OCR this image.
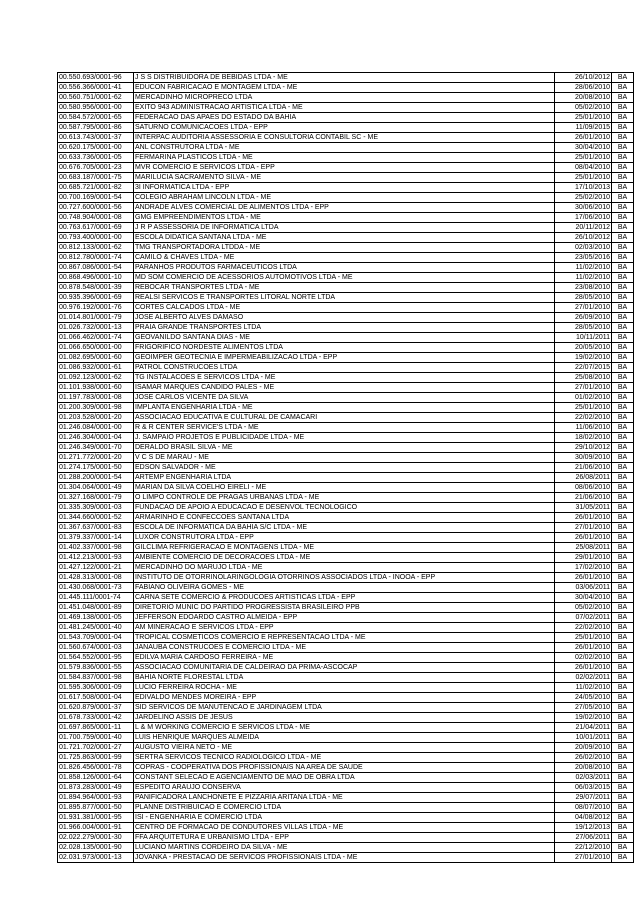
00.550.693/0001-96	J S S DISTRIBUIDORA DE BEBIDAS LTDA - ME	26/10/2012	BA
00.556.366/0001-41	EDUCON FABRICACAO E MONTAGEM LTDA - ME	28/06/2010	BA
00.560.751/0001-62	MERCADINHO MICROPRECO LTDA	20/08/2010	BA
00.580.956/0001-00	EXITO 943 ADMINISTRACAO ARTISTICA LTDA - ME	05/02/2010	BA
00.584.572/0001-65	FEDERACAO DAS APAES DO ESTADO DA BAHIA	25/01/2010	BA
00.587.795/0001-86	SATURNO COMUNICACOES LTDA - EPP	11/09/2015	BA
00.613.743/0001-37	INTERPAC AUDITORIA ASSESSORIA E CONSULTORIA CONTABIL SC - ME	26/01/2010	BA
00.620.175/0001-00	ANL CONSTRUTORA LTDA - ME	30/04/2010	BA
00.633.736/0001-05	FERMARINA PLASTICOS LTDA - ME	25/01/2010	BA
00.676.705/0001-23	MVR COMERCIO E SERVICOS LTDA - EPP	08/04/2010	BA
00.683.187/0001-75	MARILUCIA SACRAMENTO SILVA - ME	25/01/2010	BA
00.685.721/0001-82	3I INFORMATICA LTDA - EPP	17/10/2013	BA
00.700.169/0001-54	COLEGIO ABRAHAM LINCOLN LTDA - ME	25/02/2010	BA
00.727.600/0001-56	ANDRADE ALVES COMERCIAL DE ALIMENTOS LTDA - EPP	30/06/2010	BA
00.748.904/0001-08	GMG EMPREENDIMENTOS LTDA - ME	17/06/2010	BA
00.763.617/0001-69	J R P ASSESSORIA DE INFORMATICA LTDA	20/11/2012	BA
00.793.400/0001-00	ESCOLA DIDATICA SANTANA LTDA - ME	26/10/2012	BA
00.812.133/0001-62	TMG TRANSPORTADORA LTDDA - ME	02/03/2010	BA
00.812.780/0001-74	CAMILO & CHAVES LTDA - ME	23/05/2016	BA
00.867.086/0001-54	PARANHOS PRODUTOS FARMACEUTICOS LTDA	11/02/2010	BA
00.868.496/0001-10	MD SOM COMERCIO DE ACESSORIOS AUTOMOTIVOS LTDA - ME	11/02/2010	BA
00.878.548/0001-39	REBOCAR TRANSPORTES LTDA - ME	23/08/2010	BA
00.935.396/0001-69	REALSI SERVICOS E TRANSPORTES LITORAL NORTE LTDA	28/05/2010	BA
00.976.192/0001-76	CORTES CALCADOS LTDA - ME	27/01/2010	BA
01.014.801/0001-79	JOSE ALBERTO ALVES DAMASO	26/09/2010	BA
01.026.732/0001-13	PRAIA GRANDE TRANSPORTES LTDA	28/05/2010	BA
01.066.462/0001-74	GEOVANILDO SANTANA DIAS - ME	10/11/2011	BA
01.066.650/0001-00	FRIGORIFICO NORDESTE ALIMENTOS LTDA	20/05/2010	BA
01.082.695/0001-60	GEOIMPER GEOTECNIA E IMPERMEABILIZACAO LTDA - EPP	19/02/2010	BA
01.086.932/0001-61	PATROL CONSTRUCOES LTDA	22/07/2015	BA
01.092.123/0001-62	TG INSTALACOES E SERVICOS LTDA - ME	25/08/2010	BA
01.101.938/0001-60	ISAMAR MARQUES CANDIDO PALES - ME	27/01/2010	BA
01.197.783/0001-08	JOSE CARLOS VICENTE DA SILVA	01/02/2010	BA
01.200.309/0001-98	IMPLANTA ENGENHARIA LTDA - ME	25/01/2010	BA
01.203.528/0001-20	ASSOCIACAO EDUCATIVA E CULTURAL DE CAMACARI	22/02/2010	BA
01.246.084/0001-00	R & R CENTER SERVICE'S LTDA - ME	11/06/2010	BA
01.246.304/0001-04	J. SAMPAIO PROJETOS E PUBLICIDADE LTDA - ME	18/02/2010	BA
01.246.349/0001-70	DERALDO BRASIL SILVA - ME	29/10/2012	BA
01.271.772/0001-20	V C S DE MARAU - ME	30/09/2010	BA
01.274.175/0001-50	EDSON SALVADOR - ME	21/06/2010	BA
01.288.200/0001-54	ARTEMP ENGENHARIA LTDA	26/08/2011	BA
01.304.064/0001-49	MARIAN DA SILVA COELHO EIRELI - ME	08/06/2010	BA
01.327.168/0001-79	O LIMPO CONTROLE DE PRAGAS URBANAS LTDA - ME	21/06/2010	BA
01.335.309/0001-03	FUNDACAO DE APOIO A EDUCACAO E DESENVOL TECNOLOGICO	31/05/2011	BA
01.344.660/0001-52	ARMARINHO E CONFECCOES SANTANA LTDA	26/01/2010	BA
01.367.637/0001-83	ESCOLA DE INFORMATICA DA BAHIA S/C LTDA - ME	27/01/2010	BA
01.379.337/0001-14	LUXOR CONSTRUTORA LTDA - EPP	26/01/2010	BA
01.402.337/0001-98	GILCLIMA REFRIGERACAO E MONTAGENS LTDA - ME	25/08/2011	BA
01.412.213/0001-93	AMBIENTE COMERCIO DE DECORACOES LTDA - ME	29/01/2010	BA
01.427.122/0001-21	MERCADINHO DO MARUJO LTDA - ME	17/02/2010	BA
01.428.313/0001-08	INSTITUTO DE OTORRINOLARINGOLOGIA OTORRINOS ASSOCIADOS LTDA - INOOA - EPP	26/01/2010	BA
01.430.068/0001-73	FABIANO OLIVEIRA GOMES - ME	03/06/2011	BA
01.445.111/0001-74	CARNA SETE COMERCIO & PRODUCOES ARTISTICAS LTDA - EPP	30/04/2010	BA
01.451.048/0001-89	DIRETORIO MUNIC DO PARTIDO PROGRESSISTA BRASILEIRO PPB	05/02/2010	BA
01.469.138/0001-05	JEFFERSON EDOARDO CASTRO ALMEIDA - EPP	07/02/2011	BA
01.481.245/0001-40	AM MINERACAO E SERVICOS LTDA - EPP	22/02/2010	BA
01.543.709/0001-04	TROPICAL COSMETICOS COMERCIO E REPRESENTACAO LTDA - ME	25/01/2010	BA
01.560.674/0001-03	JANAUBA CONSTRUCOES E COMERCIO LTDA - ME	26/01/2010	BA
01.564.552/0001-95	EDILVA MARIA CARDOSO FERREIRA - ME	02/02/2010	BA
01.579.836/0001-55	ASSOCIACAO COMUNITARIA DE CALDEIRAO DA PRIMA-ASCOCAP	26/01/2010	BA
01.584.837/0001-98	BAHIA NORTE FLORESTAL LTDA	02/02/2011	BA
01.595.306/0001-09	LUCIO FERREIRA ROCHA - ME	11/02/2010	BA
01.617.508/0001-04	EDIVALDO MENDES MOREIRA - EPP	24/05/2010	BA
01.620.879/0001-37	SID SERVICOS DE MANUTENCAO E JARDINAGEM LTDA	27/05/2010	BA
01.678.733/0001-42	JARDELINO ASSIS DE JESUS	19/02/2010	BA
01.697.865/0001-11	L & M WORKING COMERCIO E SERVICOS LTDA - ME	21/04/2011	BA
01.700.759/0001-40	LUIS HENRIQUE MARQUES ALMEIDA	10/01/2011	BA
01.721.702/0001-27	AUGUSTO VIEIRA NETO - ME	20/09/2010	BA
01.725.863/0001-99	SERTRA SERVICOS TECNICO RADIOLOGICO LTDA - ME	26/02/2010	BA
01.826.456/0001-78	COPRAS - COOPERATIVA DOS PROFISSIONAIS NA AREA DE SAUDE	20/08/2010	BA
01.858.126/0001-64	CONSTANT SELECAO E AGENCIAMENTO DE MAO DE OBRA LTDA	02/03/2011	BA
01.873.283/0001-49	ESPEDITO ARAUJO CONSERVA	06/03/2015	BA
01.894.964/0001-93	PANIFICADORA LANCHONETE E PIZZARIA ARITANA LTDA - ME	29/07/2011	BA
01.895.877/0001-50	PLANNE DISTRIBUICAO E COMERCIO LTDA	08/07/2010	BA
01.931.381/0001-95	ISI - ENGENHARIA E COMERCIO LTDA	04/08/2012	BA
01.966.004/0001-91	CENTRO DE FORMACAO DE CONDUTORES VILLAS LTDA - ME	19/12/2013	BA
02.022.279/0001-30	FFA ARQUITETURA E URBANISMO LTDA - EPP	27/06/2011	BA
02.028.135/0001-90	LUCIANO MARTINS CORDEIRO DA SILVA - ME	22/12/2010	BA
02.031.973/0001-13	JOVANKA - PRESTACAO DE SERVICOS PROFISSIONAIS LTDA - ME	27/01/2010	BA
